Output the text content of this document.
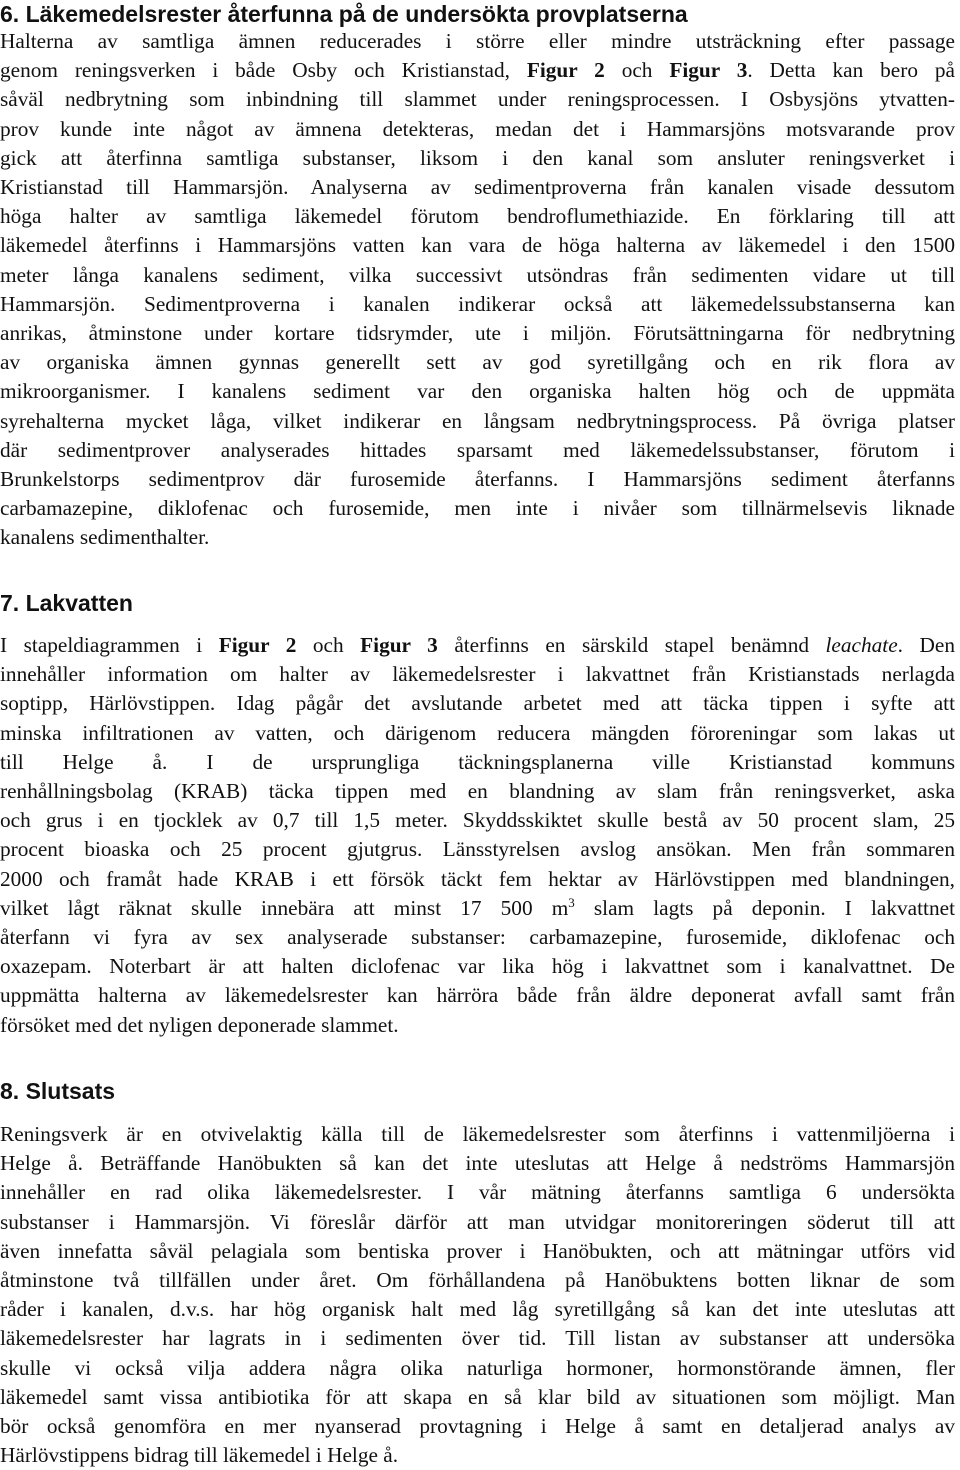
6. Läkemedelsrester återfunna på de undersökta provplatserna
Halterna av samtliga ämnen reducerades i större eller mindre utsträckning efter passage
genom reningsverken i både Osby och Kristianstad, Figur 2 och Figur 3. Detta kan bero på
såväl nedbrytning som inbindning till slammet under reningsprocessen. I Osbysjöns ytvatten-
prov kunde inte något av ämnena detekteras, medan det i Hammarsjöns motsvarande prov
gick att återfinna samtliga substanser, liksom i den kanal som ansluter reningsverket i
Kristianstad till Hammarsjön. Analyserna av sedimentproverna från kanalen visade dessutom
höga halter av samtliga läkemedel förutom bendroflumethiazide. En förklaring till att
läkemedel återfinns i Hammarsjöns vatten kan vara de höga halterna av läkemedel i den 1500
meter långa kanalens sediment, vilka successivt utsöndras från sedimenten vidare ut till
Hammarsjön. Sedimentproverna i kanalen indikerar också att läkemedelssubstanserna kan
anrikas, åtminstone under kortare tidsrymder, ute i miljön. Förutsättningarna för nedbrytning
av organiska ämnen gynnas generellt sett av god syretillgång och en rik flora av
mikroorganismer. I kanalens sediment var den organiska halten hög och de uppmäta
syrehalterna mycket låga, vilket indikerar en långsam nedbrytningsprocess. På övriga platser
där sedimentprover analyserades hittades sparsamt med läkemedelssubstanser, förutom i
Brunkelstorps sedimentprov där furosemide återfanns. I Hammarsjöns sediment återfanns
carbamazepine, diklofenac och furosemide, men inte i nivåer som tillnärmelsevis liknade
kanalens sedimenthalter.
7. Lakvatten
I stapeldiagrammen i Figur 2 och Figur 3 återfinns en särskild stapel benämnd leachate. Den
innehåller information om halter av läkemedelsrester i lakvattnet från Kristianstads nerlagda
soptipp, Härlövstippen. Idag pågår det avslutande arbetet med att täcka tippen i syfte att
minska infiltrationen av vatten, och därigenom reducera mängden föroreningar som lakas ut
till Helge å. I de ursprungliga täckningsplanerna ville Kristianstad kommuns
renhållningsbolag (KRAB) täcka tippen med en blandning av slam från reningsverket, aska
och grus i en tjocklek av 0,7 till 1,5 meter. Skyddsskiktet skulle bestå av 50 procent slam, 25
procent bioaska och 25 procent gjutgrus. Länsstyrelsen avslog ansökan. Men från sommaren
2000 och framåt hade KRAB i ett försök täckt fem hektar av Härlövstippen med blandningen,
vilket lågt räknat skulle innebära att minst 17 500 $m^3$ slam lagts på deponin. I lakvattnet
återfann vi fyra av sex analyserade substanser: carbamazepine, furosemide, diklofenac och
oxazepam. Noterbart är att halten diclofenac var lika hög i lakvattnet som i kanalvattnet. De
uppmätta halterna av läkemedelsrester kan härröra både från äldre deponerat avfall samt från
försöket med det nyligen deponerade slammet.
8. Slutsats
Reningsverk är en otvivelaktig källa till de läkemedelsrester som återfinns i vattenmiljöerna i
Helge å. Beträffande Hanöbukten så kan det inte uteslutas att Helge å nedströms Hammarsjön
innehåller en rad olika läkemedelsrester. I vår mätning återfanns samtliga 6 undersökta
substanser i Hammarsjön. Vi föreslår därför att man utvidgar monitoreringen söderut till att
även innefatta såväl pelagiala som bentiska prover i Hanöbukten, och att mätningar utförs vid
åtminstone två tillfällen under året. Om förhållandena på Hanöbuktens botten liknar de som
råder i kanalen, d.v.s. har hög organisk halt med låg syretillgång så kan det inte uteslutas att
läkemedelsrester har lagrats in i sedimenten över tid. Till listan av substanser att undersöka
skulle vi också vilja addera några olika naturliga hormoner, hormonstörande ämnen, fler
läkemedel samt vissa antibiotika för att skapa en så klar bild av situationen som möjligt. Man
bör också genomföra en mer nyanserad provtagning i Helge å samt en detaljerad analys av
Härlövstippens bidrag till läkemedel i Helge å.
